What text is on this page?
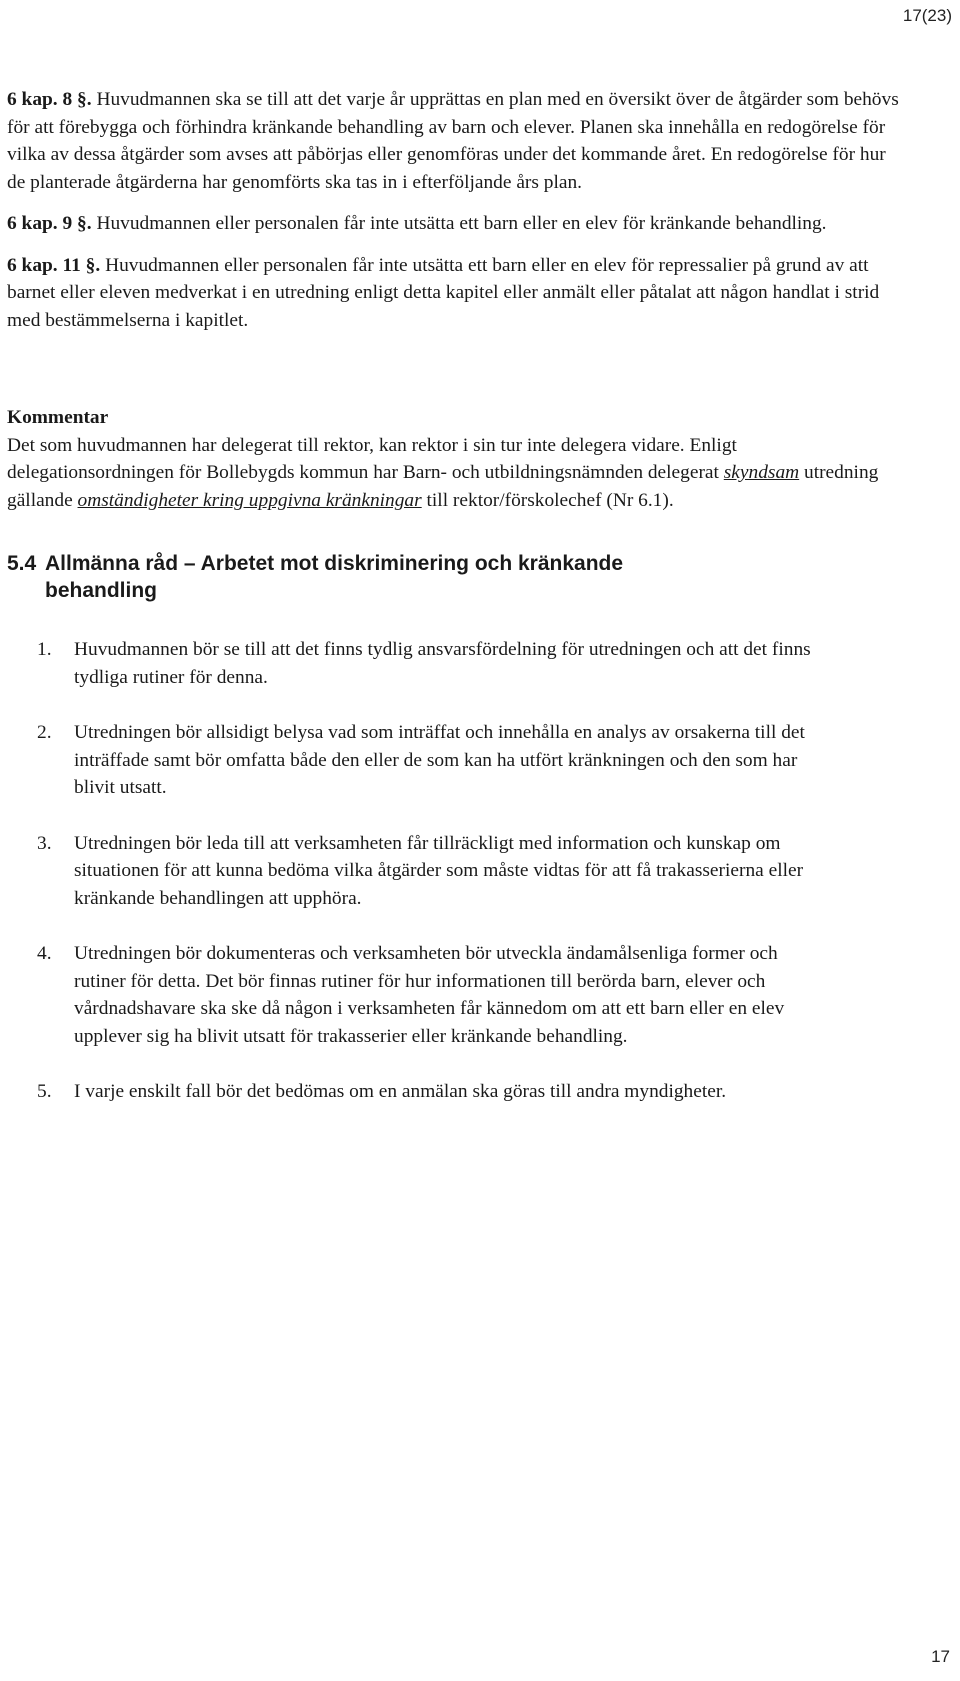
17(23)

6 kap. 8 §. Huvudmannen ska se till att det varje år upprättas en plan med en översikt över de åtgärder som behövs för att förebygga och förhindra kränkande behandling av barn och elever. Planen ska innehålla en redogörelse för vilka av dessa åtgärder som avses att påbörjas eller genomföras under det kommande året. En redogörelse för hur de planterade åtgärderna har genomförts ska tas in i efterföljande års plan.

6 kap. 9 §. Huvudmannen eller personalen får inte utsätta ett barn eller en elev för kränkande behandling.

6 kap. 11 §. Huvudmannen eller personalen får inte utsätta ett barn eller en elev för repressalier på grund av att barnet eller eleven medverkat i en utredning enligt detta kapitel eller anmält eller påtalat att någon handlat i strid med bestämmelserna i kapitlet.

Kommentar

Det som huvudmannen har delegerat till rektor, kan rektor i sin tur inte delegera vidare. Enligt delegationsordningen för Bollebygds kommun har Barn- och utbildningsnämnden delegerat skyndsam utredning gällande omständigheter kring uppgivna kränkningar till rektor/förskolechef (Nr 6.1).

5.4 Allmänna råd – Arbetet mot diskriminering och kränkande
behandling
1.	Huvudmannen bör se till att det finns tydlig ansvarsfördelning för utredningen och att det finns tydliga rutiner för denna.
2.	Utredningen bör allsidigt belysa vad som inträffat och innehålla en analys av orsakerna till det inträffade samt bör omfatta både den eller de som kan ha utfört kränkningen och den som har blivit utsatt.
3.	Utredningen bör leda till att verksamheten får tillräckligt med information och kunskap om situationen för att kunna bedöma vilka åtgärder som måste vidtas för att få trakasserierna eller kränkande behandlingen att upphöra.
4.	Utredningen bör dokumenteras och verksamheten bör utveckla ändamålsenliga former och rutiner för detta. Det bör finnas rutiner för hur informationen till berörda barn, elever och vårdnadshavare ska ske då någon i verksamheten får kännedom om att ett barn eller en elev upplever sig ha blivit utsatt för trakasserier eller kränkande behandling.
5.	I varje enskilt fall bör det bedömas om en anmälan ska göras till andra myndigheter.
17
